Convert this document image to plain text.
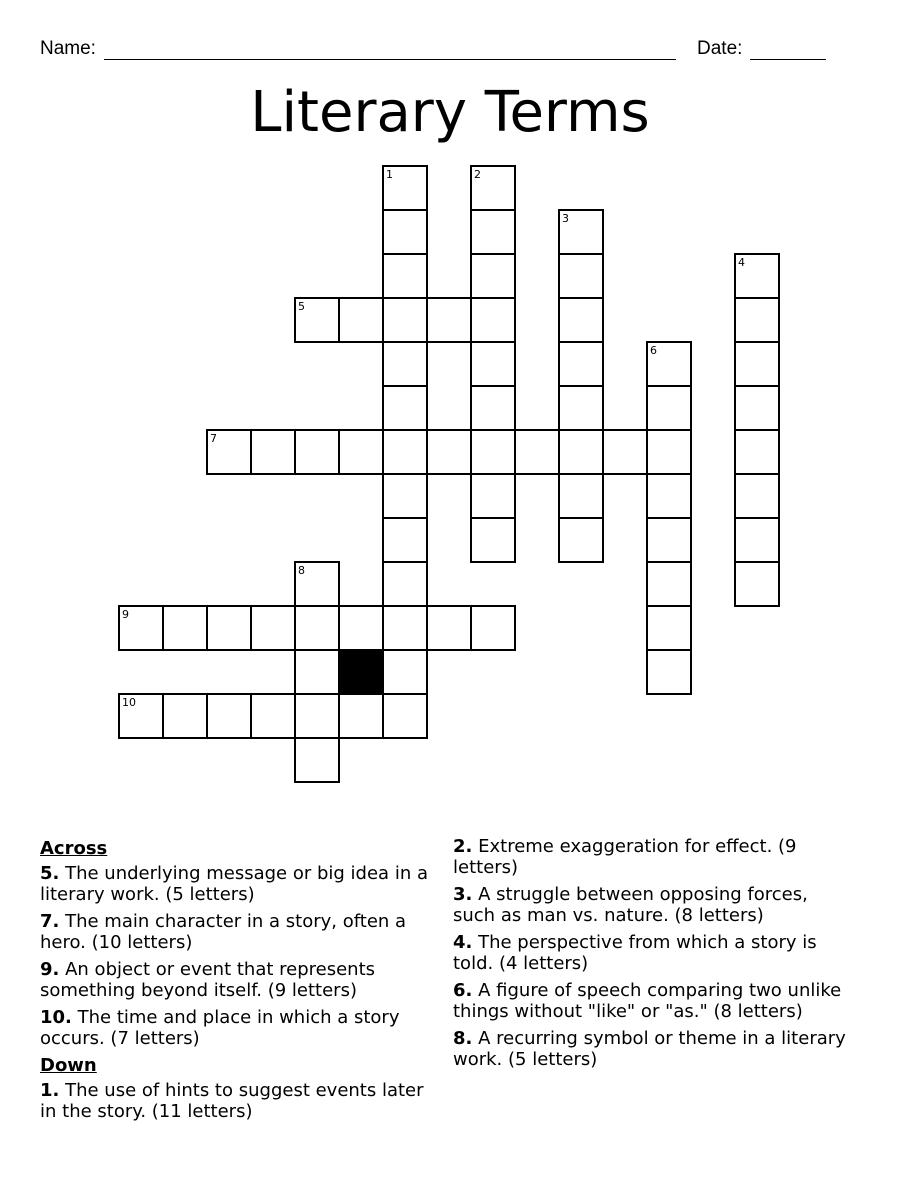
Name:	Date:
Literary Terms
1	2
3
4
5
6
7
8
9
10
Across
5. The underlying message or big idea in a literary work. (5 letters)
7. The main character in a story, often a hero. (10 letters)
9. An object or event that represents something beyond itself. (9 letters)
10. The time and place in which a story occurs. (7 letters)
Down
1. The use of hints to suggest events later in the story. (11 letters)
2. Extreme exaggeration for effect. (9 letters)
3. A struggle between opposing forces, such as man vs. nature. (8 letters)
4. The perspective from which a story is told. (4 letters)
6. A figure of speech comparing two unlike things without "like" or "as." (8 letters)
8. A recurring symbol or theme in a literary work. (5 letters)
